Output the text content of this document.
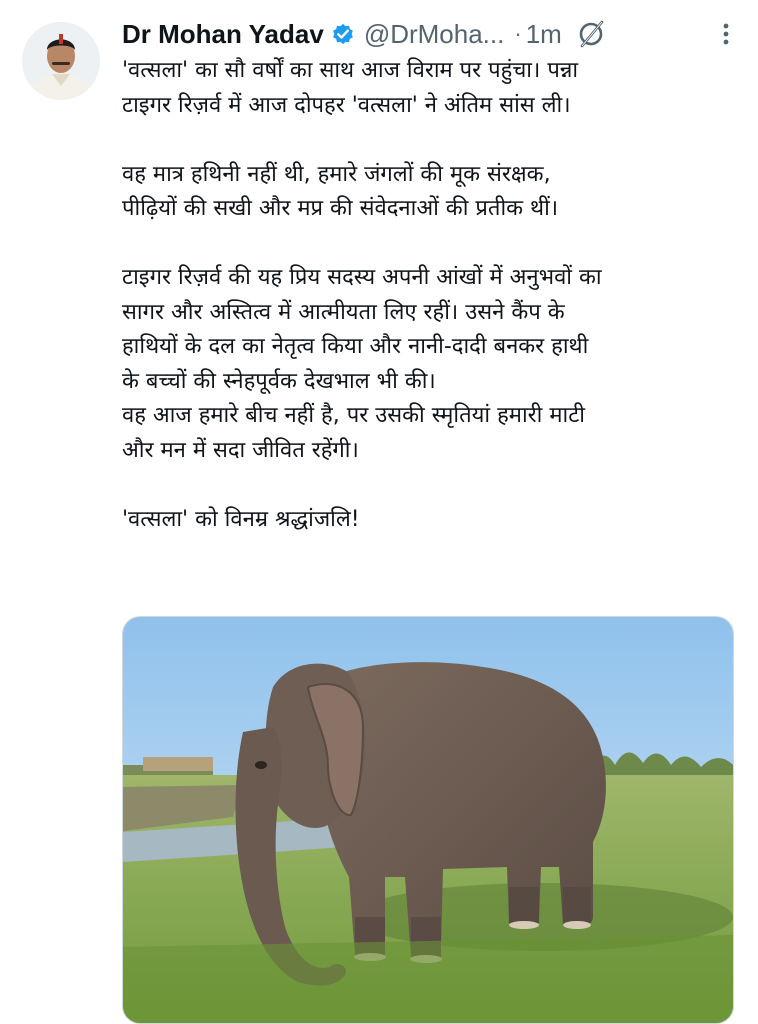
Dr Mohan Yadav @DrMoha... · 1m
'वत्सला' का सौ वर्षों का साथ आज विराम पर पहुंचा। पन्ना
टाइगर रिज़र्व में आज दोपहर 'वत्सला' ने अंतिम सांस ली।
वह मात्र हथिनी नहीं थी, हमारे जंगलों की मूक संरक्षक,
पीढ़ियों की सखी और मप्र की संवेदनाओं की प्रतीक थीं।
टाइगर रिज़र्व की यह प्रिय सदस्य अपनी आंखों में अनुभवों का
सागर और अस्तित्व में आत्मीयता लिए रहीं। उसने कैंप के
हाथियों के दल का नेतृत्व किया और नानी-दादी बनकर हाथी
के बच्चों की स्नेहपूर्वक देखभाल भी की।
वह आज हमारे बीच नहीं है, पर उसकी स्मृतियां हमारी माटी
और मन में सदा जीवित रहेंगी।
'वत्सला' को विनम्र श्रद्धांजलि!
